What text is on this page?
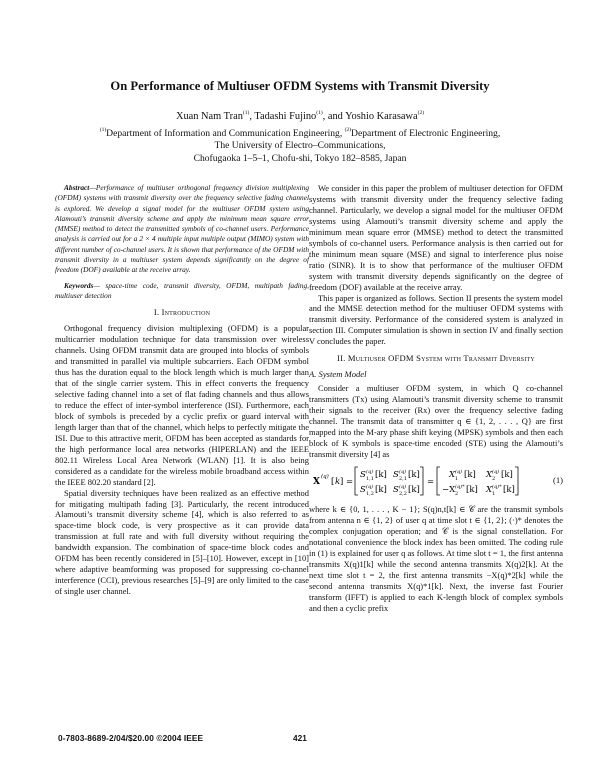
On Performance of Multiuser OFDM Systems with Transmit Diversity
Xuan Nam Tran$^{(1)}$, Tadashi Fujino$^{(1)}$, and Yoshio Karasawa$^{(2)}$
$^{(1)}$Department of Information and Communication Engineering, $^{(2)}$Department of Electronic Engineering,
The University of Electro–Communications,
Chofugaoka 1–5–1, Chofu-shi, Tokyo 182–8585, Japan

Abstract—Performance of multiuser orthogonal frequency division multiplexing (OFDM) systems with transmit diversity over the frequency selective fading channel is explored. We develop a signal model for the multiuser OFDM system using Alamouti’s transmit diversity scheme and apply the minimum mean square error (MMSE) method to detect the transmitted symbols of co-channel users. Performance analysis is carried out for a 2 × 4 multiple input multiple output (MIMO) system with different number of co-channel users. It is shown that performance of the OFDM with transmit diversity in a multiuser system depends significantly on the degree of freedom (DOF) available at the receive array.

Keywords— space-time code, transmit diversity, OFDM, multipath fading, multiuser detection

I. Introduction

Orthogonal frequency division multiplexing (OFDM) is a popular multicarrier modulation technique for data transmission over wireless channels. Using OFDM transmit data are grouped into blocks of symbols and transmitted in parallel via multiple subcarriers. Each OFDM symbol thus has the duration equal to the block length which is much larger than that of the single carrier system. This in effect converts the frequency selective fading channel into a set of flat fading channels and thus allows to reduce the effect of inter-symbol interference (ISI). Furthermore, each block of symbols is preceded by a cyclic prefix or guard interval with length larger than that of the channel, which helps to perfectly mitigate the ISI. Due to this attractive merit, OFDM has been accepted as standards for the high performance local area networks (HIPERLAN) and the IEEE 802.11 Wireless Local Area Network (WLAN) [1]. It is also being considered as a candidate for the wireless mobile broadband access within the IEEE 802.20 standard [2].

Spatial diversity techniques have been realized as an effective method for mitigating multipath fading [3]. Particularly, the recent introduced Alamouti’s transmit diversity scheme [4], which is also referred to as space-time block code, is very prospective as it can provide data transmission at full rate and with full diversity without requiring the bandwidth expansion. The combination of space-time block codes and OFDM has been recently considered in [5]–[10]. However, except in [10] where adaptive beamforming was proposed for suppressing co-channel interference (CCI), previous researches [5]–[9] are only limited to the case of single user channel.

We consider in this paper the problem of multiuser detection for OFDM systems with transmit diversity under the frequency selective fading channel. Particularly, we develop a signal model for the multiuser OFDM systems using Alamouti’s transmit diversity scheme and apply the minimum mean square error (MMSE) method to detect the transmitted symbols of co-channel users. Performance analysis is then carried out for the minimum mean square (MSE) and signal to interference plus noise ratio (SINR). It is to show that performance of the multiuser OFDM system with transmit diversity depends significantly on the degree of freedom (DOF) available at the receive array.

This paper is organized as follows. Section II presents the system model and the MMSE detection method for the multiuser OFDM systems with transmit diversity. Performance of the considered system is analyzed in section III. Computer simulation is shown in section IV and finally section V concludes the paper.

II. Multiuser OFDM System with Transmit Diversity
A. System Model

Consider a multiuser OFDM system, in which Q co-channel transmitters (Tx) using Alamouti’s transmit diversity scheme to transmit their signals to the receiver (Rx) over the frequency selective fading channel. The transmit data of transmitter q ∈ {1, 2, . . . , Q} are first mapped into the M-ary phase shift keying (MPSK) symbols and then each block of K symbols is space-time encoded (STE) using the Alamouti’s transmit diversity [4] as

X (q) [ k ] =
S (q)
1,1 [k] S (q)
2,1 [k]
S (q)
1,2 [k] S (q)
2,2 [k]
=
X (q)
1 [k] X (q)
2 [k]
−X (q)*
2 [k] X (q)*
1 [k]
(1)

where k ∈ {0, 1, . . . , K − 1}; S(q)n,t[k] ∈ 𝒞 are the transmit symbols from antenna n ∈ {1, 2} of user q at time slot t ∈ {1, 2}; (·)* denotes the complex conjugation operation; and 𝒞 is the signal constellation. For notational convenience the block index has been omitted. The coding rule in (1) is explained for user q as follows. At time slot t = 1, the first antenna transmits X(q)1[k] while the second antenna transmits X(q)2[k]. At the next time slot t = 2, the first antenna transmits −X(q)*2[k] while the second antenna transmits X(q)*1[k]. Next, the inverse fast Fourier transform (IFFT) is applied to each K-length block of complex symbols and then a cyclic prefix

0-7803-8689-2/04/$20.00 ©2004 IEEE	421
